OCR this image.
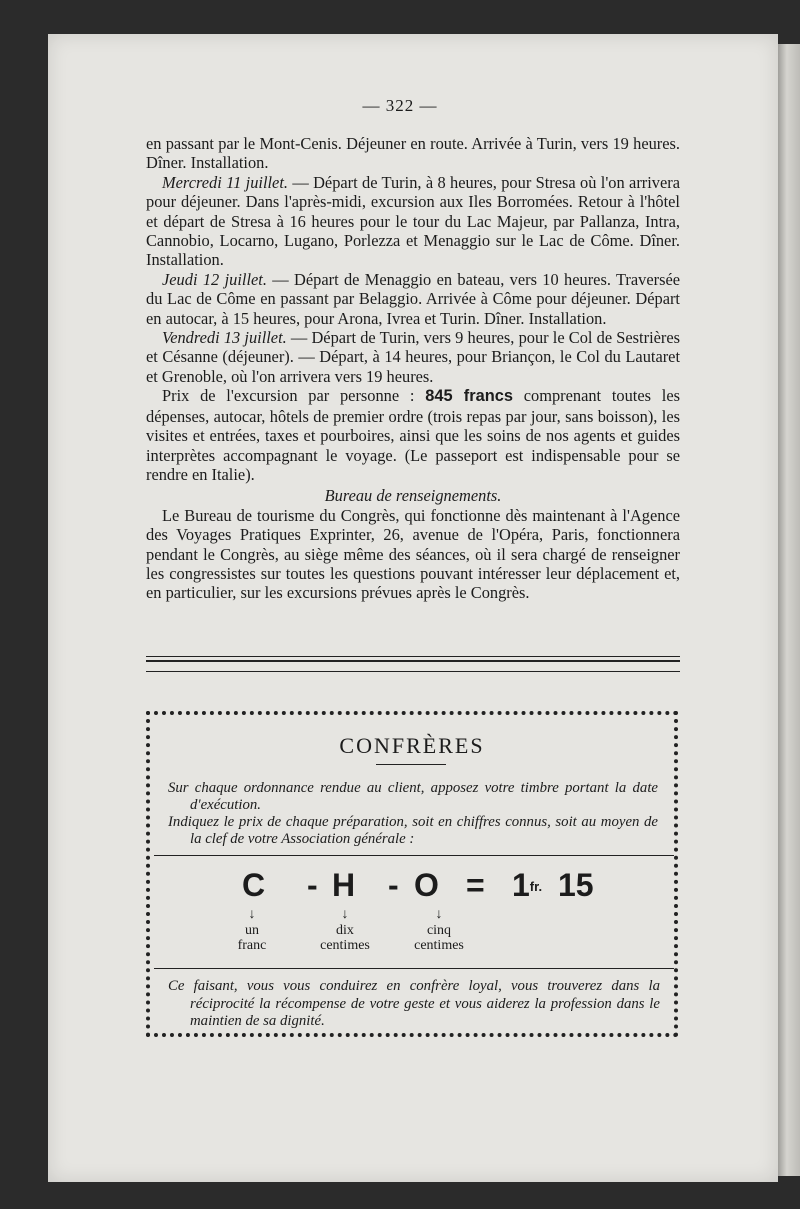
— 322 —

en passant par le Mont-Cenis. Déjeuner en route. Arrivée à Turin, vers 19 heures. Dîner. Installation.

Mercredi 11 juillet. — Départ de Turin, à 8 heures, pour Stresa où l'on arrivera pour déjeuner. Dans l'après-midi, excursion aux Iles Borromées. Retour à l'hôtel et départ de Stresa à 16 heures pour le tour du Lac Majeur, par Pallanza, Intra, Cannobio, Locarno, Lugano, Porlezza et Menaggio sur le Lac de Côme. Dîner. Installation.

Jeudi 12 juillet. — Départ de Menaggio en bateau, vers 10 heures. Traversée du Lac de Côme en passant par Belaggio. Arrivée à Côme pour déjeuner. Départ en autocar, à 15 heures, pour Arona, Ivrea et Turin. Dîner. Installation.

Vendredi 13 juillet. — Départ de Turin, vers 9 heures, pour le Col de Sestrières et Césanne (déjeuner). — Départ, à 14 heures, pour Briançon, le Col du Lautaret et Grenoble, où l'on arrivera vers 19 heures.

Prix de l'excursion par personne : 845 francs comprenant toutes les dépenses, autocar, hôtels de premier ordre (trois repas par jour, sans boisson), les visites et entrées, taxes et pourboires, ainsi que les soins de nos agents et guides interprètes accompagnant le voyage. (Le passeport est indispensable pour se rendre en Italie).

Bureau de renseignements.

Le Bureau de tourisme du Congrès, qui fonctionne dès maintenant à l'Agence des Voyages Pratiques Exprinter, 26, avenue de l'Opéra, Paris, fonctionnera pendant le Congrès, au siège même des séances, où il sera chargé de renseigner les congressistes sur toutes les questions pouvant intéresser leur déplacement et, en particulier, sur les excursions prévues après le Congrès.

CONFRÈRES

Sur chaque ordonnance rendue au client, apposez votre timbre portant la date d'exécution.

Indiquez le prix de chaque préparation, soit en chiffres connus, soit au moyen de la clef de votre Association générale :

$C - H - O = 1^{fr.}$ 15
↓	↓	↓
un
franc
dix
centimes
cinq
centimes

Ce faisant, vous vous conduirez en confrère loyal, vous trouverez dans la réciprocité la récompense de votre geste et vous aiderez la profession dans le maintien de sa dignité.
